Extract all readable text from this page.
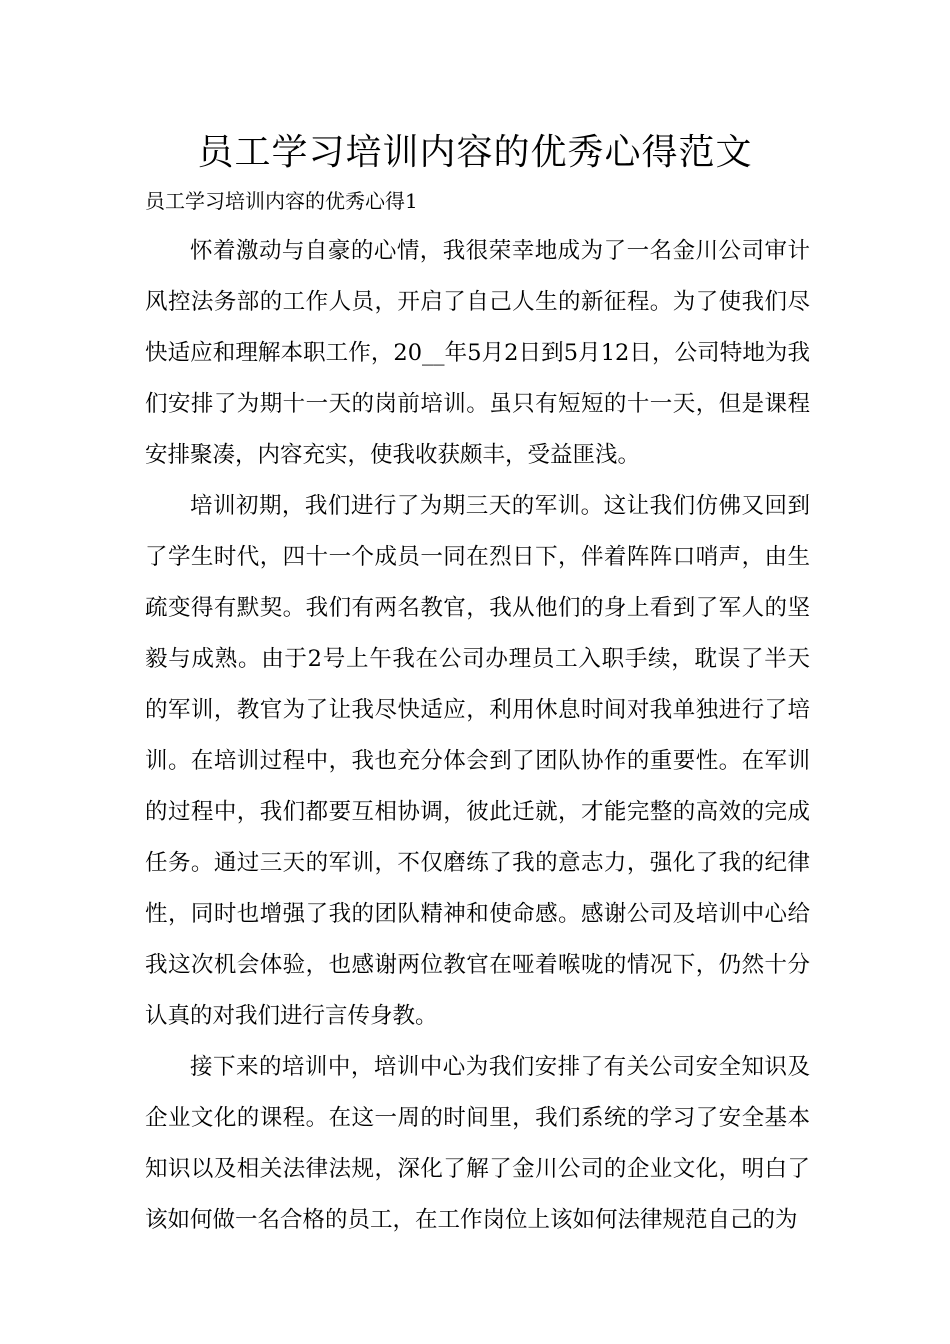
员工学习培训内容的优秀心得范文

员工学习培训内容的优秀心得1

怀着激动与自豪的心情，我很荣幸地成为了一名金川公司审计风控法务部的工作人员，开启了自己人生的新征程。为了使我们尽快适应和理解本职工作，20__年5月2日到5月12日，公司特地为我们安排了为期十一天的岗前培训。虽只有短短的十一天，但是课程安排聚凑，内容充实，使我收获颇丰，受益匪浅。

培训初期，我们进行了为期三天的军训。这让我们仿佛又回到了学生时代，四十一个成员一同在烈日下，伴着阵阵口哨声，由生疏变得有默契。我们有两名教官，我从他们的身上看到了军人的坚毅与成熟。由于2号上午我在公司办理员工入职手续，耽误了半天的军训，教官为了让我尽快适应，利用休息时间对我单独进行了培训。在培训过程中，我也充分体会到了团队协作的重要性。在军训的过程中，我们都要互相协调，彼此迁就，才能完整的高效的完成任务。通过三天的军训，不仅磨练了我的意志力，强化了我的纪律性，同时也增强了我的团队精神和使命感。感谢公司及培训中心给我这次机会体验，也感谢两位教官在哑着喉咙的情况下，仍然十分认真的对我们进行言传身教。

接下来的培训中，培训中心为我们安排了有关公司安全知识及企业文化的课程。在这一周的时间里，我们系统的学习了安全基本知识以及相关法律法规，深化了解了金川公司的企业文化，明白了该如何做一名合格的员工，在工作岗位上该如何法律规范自己的为
